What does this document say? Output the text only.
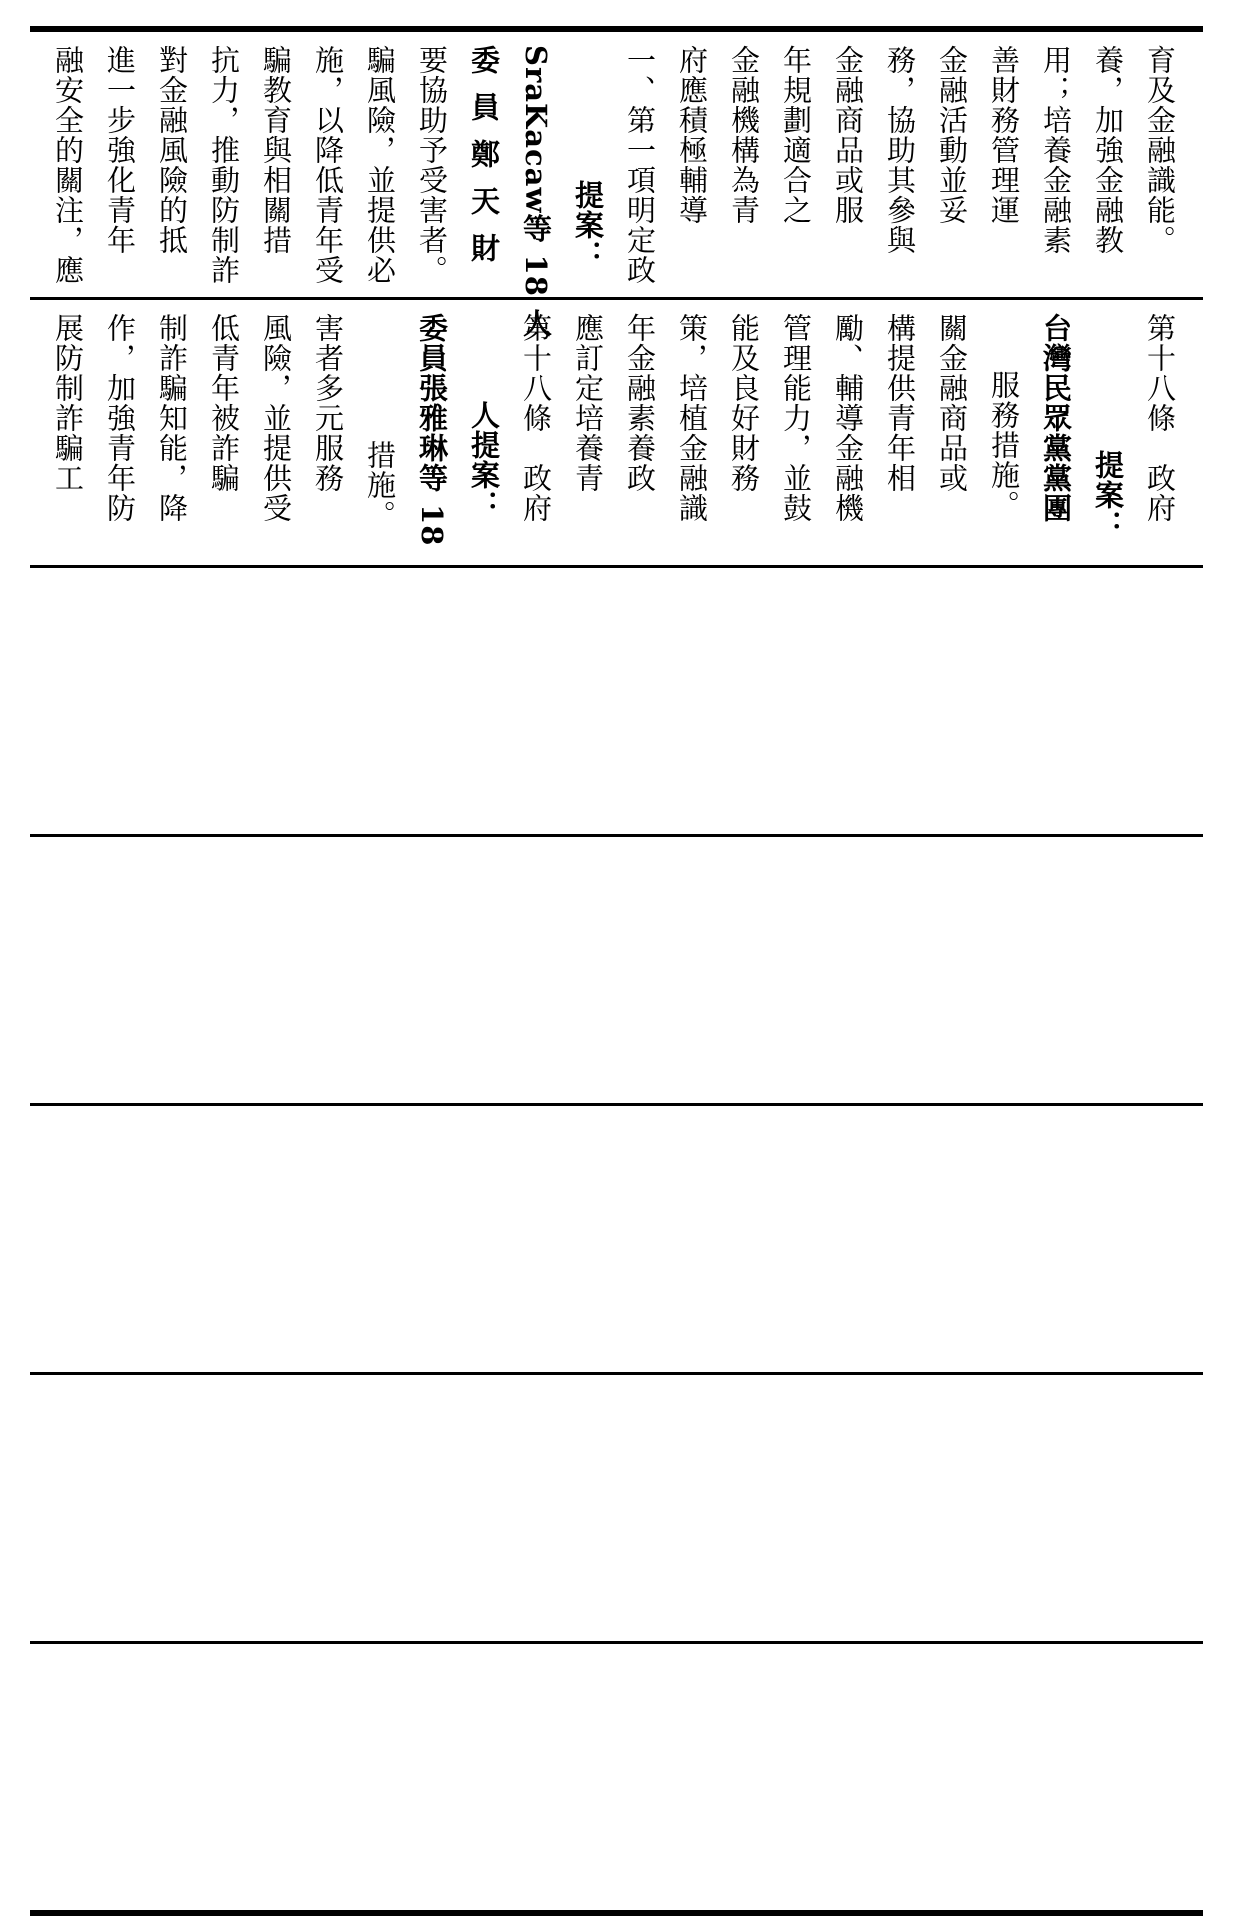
融安全的關注，應 進一步強化青年 對金融風險的抵 抗力，推動防制詐 騙教育與相關措 施，以降低青年受 騙風險，並提供必 要協助予受害者。 委員鄭天財 SraKacaw等 18 人 提案： 一、第一項明定政 府應積極輔導 金融機構為青 年規劃適合之 金融商品或服 務，協助其參與 金融活動並妥 善財務管理運 用；培養金融素 養，加強金融教 育及金融識能。
展防制詐騙工 作，加強青年防 制詐騙知能，降 低青年被詐騙 風險，並提供受 害者多元服務 措施。 委員張雅琳等 18 人提案： 第十八條　政府 應訂定培養青 年金融素養政 策，培植金融識 能及良好財務 管理能力，並鼓 勵、輔導金融機 構提供青年相 關金融商品或 服務措施。 台灣民眾黨黨團 提案： 第十八條　政府
